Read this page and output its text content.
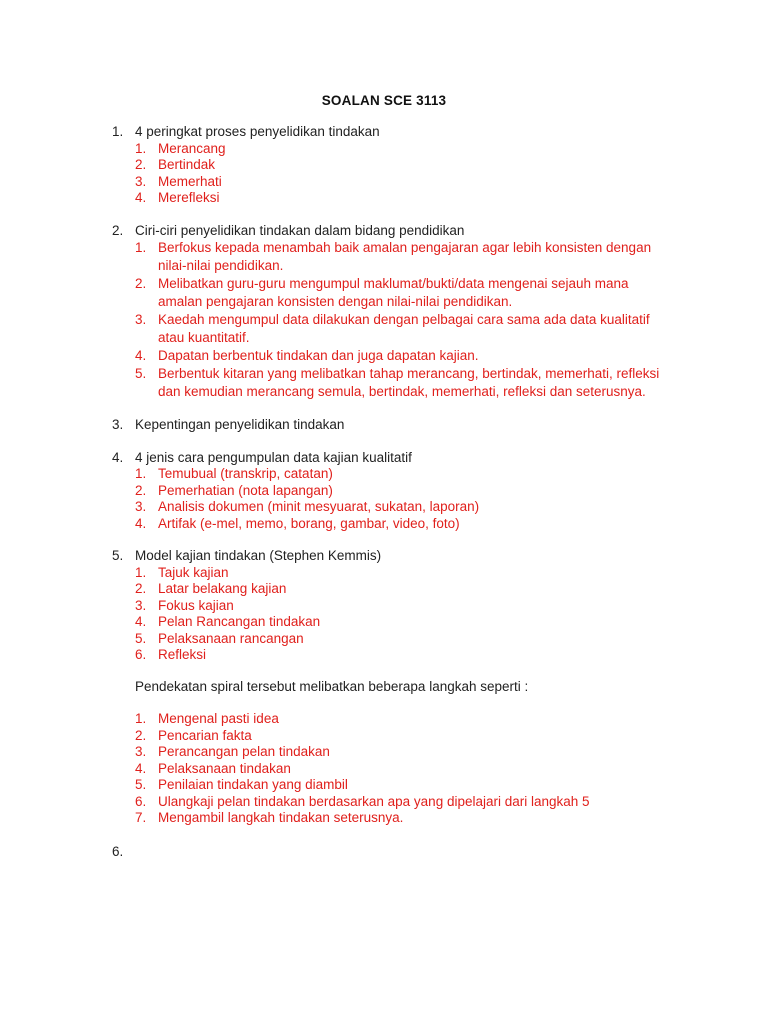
SOALAN SCE 3113
1. 4 peringkat proses penyelidikan tindakan
1. Merancang
2. Bertindak
3. Memerhati
4. Merefleksi
2. Ciri-ciri penyelidikan tindakan dalam bidang pendidikan
1. Berfokus kepada menambah baik amalan pengajaran agar lebih konsisten dengan nilai-nilai pendidikan.
2. Melibatkan guru-guru mengumpul maklumat/bukti/data mengenai sejauh mana amalan pengajaran konsisten dengan nilai-nilai pendidikan.
3. Kaedah mengumpul data dilakukan dengan pelbagai cara sama ada data kualitatif atau kuantitatif.
4. Dapatan berbentuk tindakan dan juga dapatan kajian.
5. Berbentuk kitaran yang melibatkan tahap merancang, bertindak, memerhati, refleksi dan kemudian merancang semula, bertindak, memerhati, refleksi dan seterusnya.
3. Kepentingan penyelidikan tindakan
4. 4 jenis cara pengumpulan data kajian kualitatif
1. Temubual (transkrip, catatan)
2. Pemerhatian (nota lapangan)
3. Analisis dokumen (minit mesyuarat, sukatan, laporan)
4. Artifak (e-mel, memo, borang, gambar, video, foto)
5. Model kajian tindakan (Stephen Kemmis)
1. Tajuk kajian
2. Latar belakang kajian
3. Fokus kajian
4. Pelan Rancangan tindakan
5. Pelaksanaan rancangan
6. Refleksi
Pendekatan spiral tersebut melibatkan beberapa langkah seperti :
1. Mengenal pasti idea
2. Pencarian fakta
3. Perancangan pelan tindakan
4. Pelaksanaan tindakan
5. Penilaian tindakan yang diambil
6. Ulangkaji pelan tindakan berdasarkan apa yang dipelajari dari langkah 5
7. Mengambil langkah tindakan seterusnya.
6.
